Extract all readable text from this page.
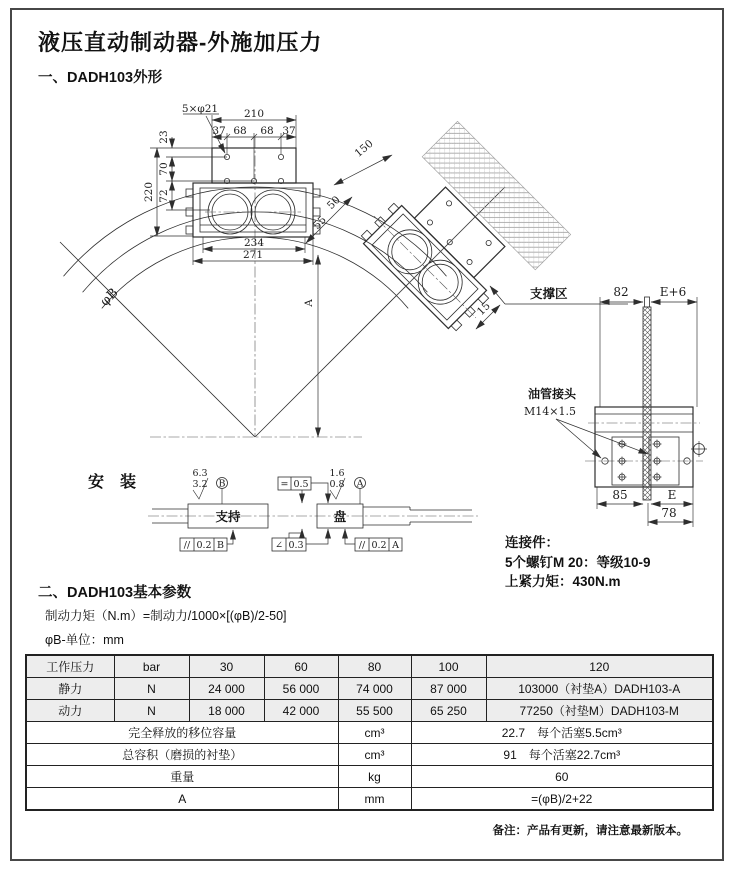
液压直动制动器-外施加压力
一、DADH103外形
φB	A
210
5×φ21
37 68 68 37
23
70
72
220
234
271
150
50
55
支撑区
15
82	E+6
油管接头
M14×1.5
85	E
78
安　装
支持	盘
6.3
3.2 B
1.6
0.8 A
// 0.2 B
= 0.5
∠ 0.3	// 0.2 A	连接件：
5个螺钉M 20：等级10-9
上紧力矩：430N.m
二、DADH103基本参数
制动力矩（N.m）=制动力/1000×[(φB)/2-50]
φB-单位：mm
工作压力	bar	30	60	80	100	120
静力	N	24 000	56 000	74 000	87 000	103000（衬垫A）DADH103-A
动力	N	18 000	42 000	55 500	65 250	77250（衬垫M）DADH103-M
完全释放的移位容量				cm³	22.7　每个活塞5.5cm³	
总容积（磨损的衬垫）				cm³	91　每个活塞22.7cm³	
重量				kg	60	
A				mm	=(φB)/2+22	
备注：产品有更新，请注意最新版本。
